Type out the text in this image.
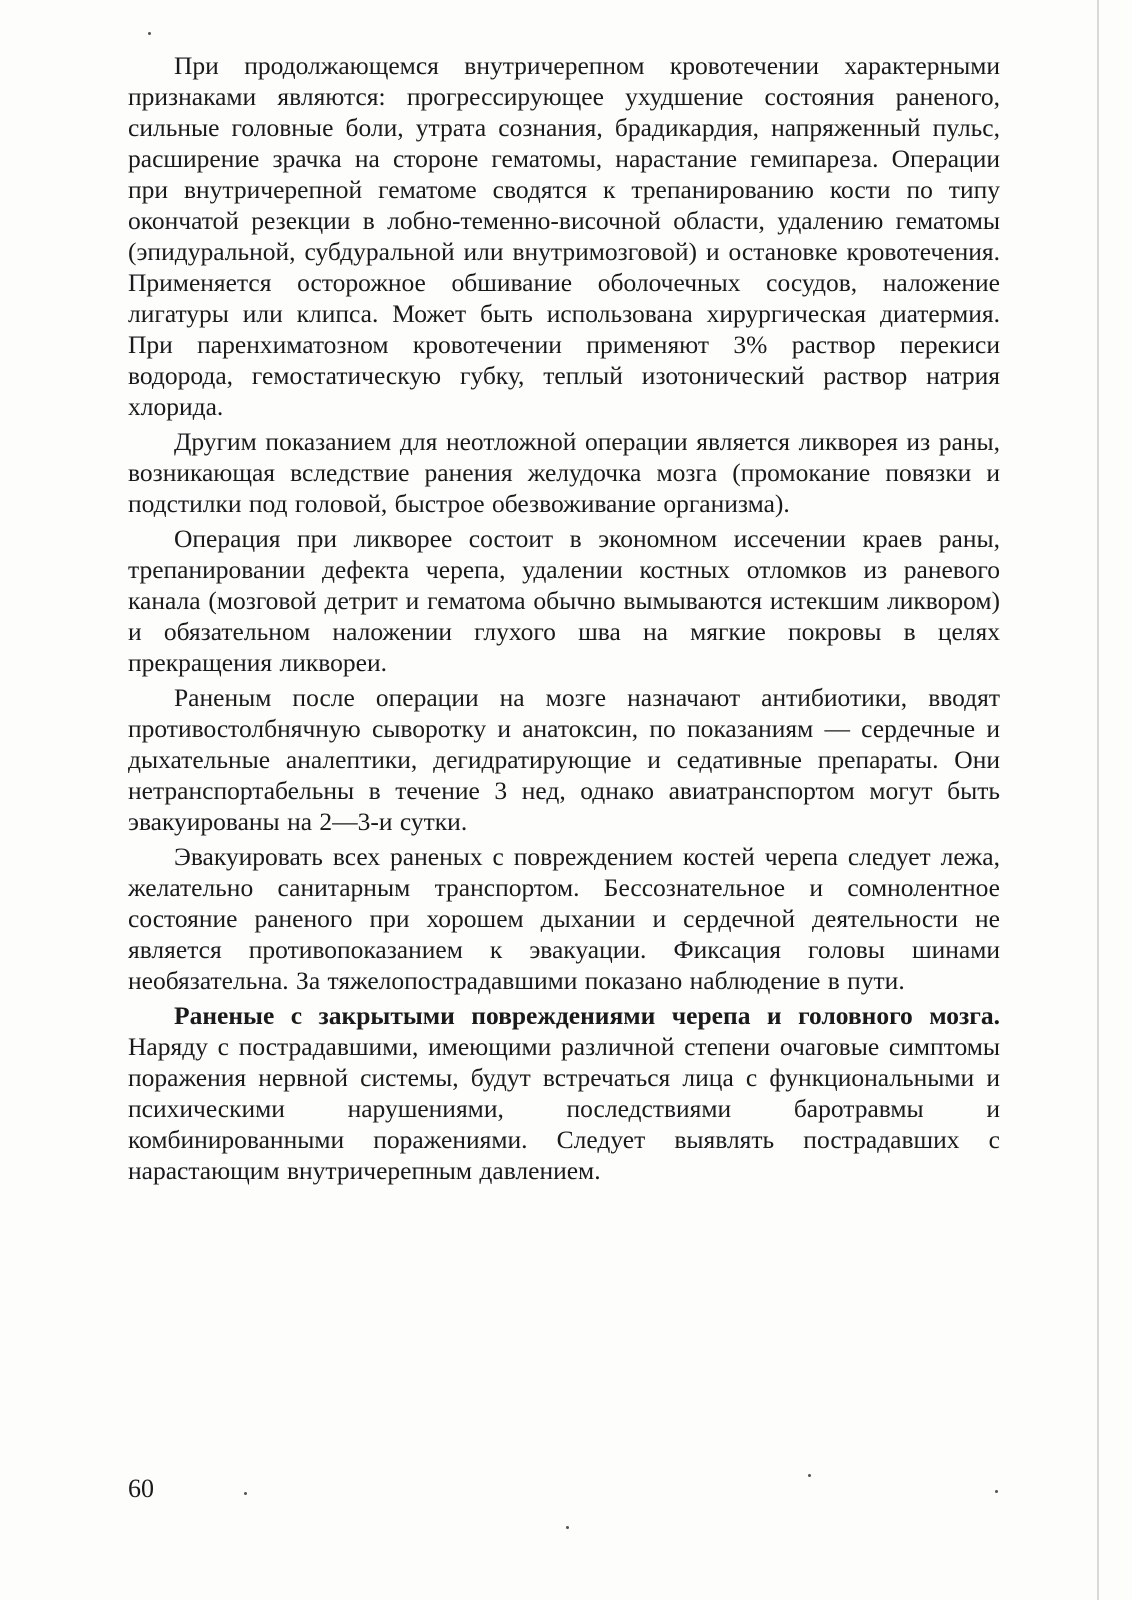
При продолжающемся внутричерепном кровотечении характерными признаками являются: прогрессирующее ухудшение состояния раненого, сильные головные боли, утрата сознания, брадикардия, напряженный пульс, расширение зрачка на стороне гематомы, нарастание гемипареза. Операции при внутричерепной гематоме сводятся к трепанированию кости по типу окончатой резекции в лобно-теменно-височной области, удалению гематомы (эпидуральной, субдуральной или внутримозговой) и остановке кровотечения. Применяется осторожное обшивание оболочечных сосудов, наложение лигатуры или клипса. Может быть использована хирургическая диатермия. При паренхиматозном кровотечении применяют 3% раствор перекиси водорода, гемостатическую губку, теплый изотонический раствор натрия хлорида.

Другим показанием для неотложной операции является ликворея из раны, возникающая вследствие ранения желудочка мозга (промокание повязки и подстилки под головой, быстрое обезвоживание организма).

Операция при ликворее состоит в экономном иссечении краев раны, трепанировании дефекта черепа, удалении костных отломков из раневого канала (мозговой детрит и гематома обычно вымываются истекшим ликвором) и обязательном наложении глухого шва на мягкие покровы в целях прекращения ликвореи.

Раненым после операции на мозге назначают антибиотики, вводят противостолбнячную сыворотку и анатоксин, по показаниям — сердечные и дыхательные аналептики, дегидратирующие и седативные препараты. Они нетранспортабельны в течение 3 нед, однако авиатранспортом могут быть эвакуированы на 2—3-и сутки.

Эвакуировать всех раненых с повреждением костей черепа следует лежа, желательно санитарным транспортом. Бессознательное и сомнолентное состояние раненого при хорошем дыхании и сердечной деятельности не является противопоказанием к эвакуации. Фиксация головы шинами необязательна. За тяжелопострадавшими показано наблюдение в пути.

Раненые с закрытыми повреждениями черепа и головного мозга. Наряду с пострадавшими, имеющими различной степени очаговые симптомы поражения нервной системы, будут встречаться лица с функциональными и психическими нарушениями, последствиями баротравмы и комбинированными поражениями. Следует выявлять пострадавших с нарастающим внутричерепным давлением.

60
